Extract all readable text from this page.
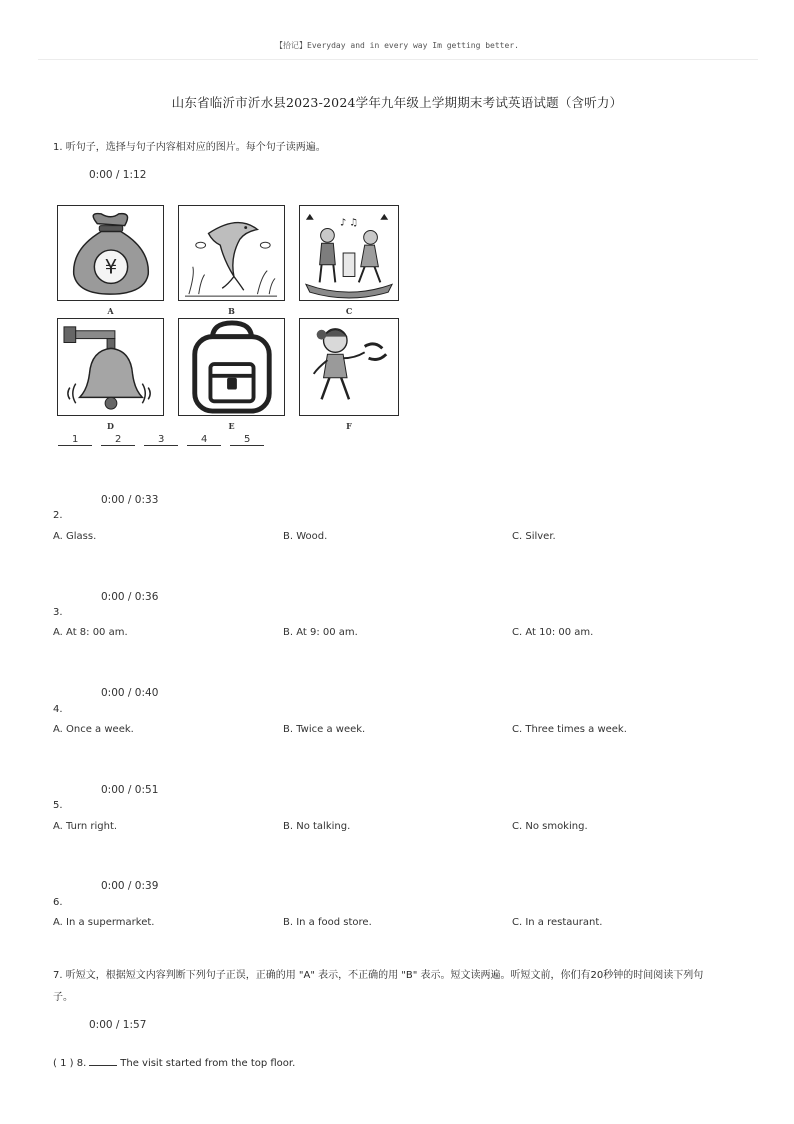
【拾记】Everyday and in every way Im getting better.
山东省临沂市沂水县2023-2024学年九年级上学期期末考试英语试题（含听力）
1. 听句子，选择与句子内容相对应的图片。每个句子读两遍。
0:00 / 1:12
¥
♪ ♫
A	B	C
D	E	F
1	2	3	4	5
0:00 / 0:33
2.
A. Glass.	B. Wood.	C. Silver.
0:00 / 0:36
3.
A. At 8: 00 am.	B. At 9: 00 am.	C. At 10: 00 am.
0:00 / 0:40
4.
A. Once a week.	B. Twice a week.	C. Three times a week.
0:00 / 0:51
5.
A. Turn right.	B. No talking.	C. No smoking.
0:00 / 0:39
6.
A. In a supermarket.	B. In a food store.	C. In a restaurant.
7. 听短文，根据短文内容判断下列句子正误，正确的用 "A" 表示，不正确的用 "B" 表示。短文读两遍。听短文前，你们有20秒钟的时间阅读下列句
子。
0:00 / 1:57
( 1 ) 8.	The visit started from the top floor.
